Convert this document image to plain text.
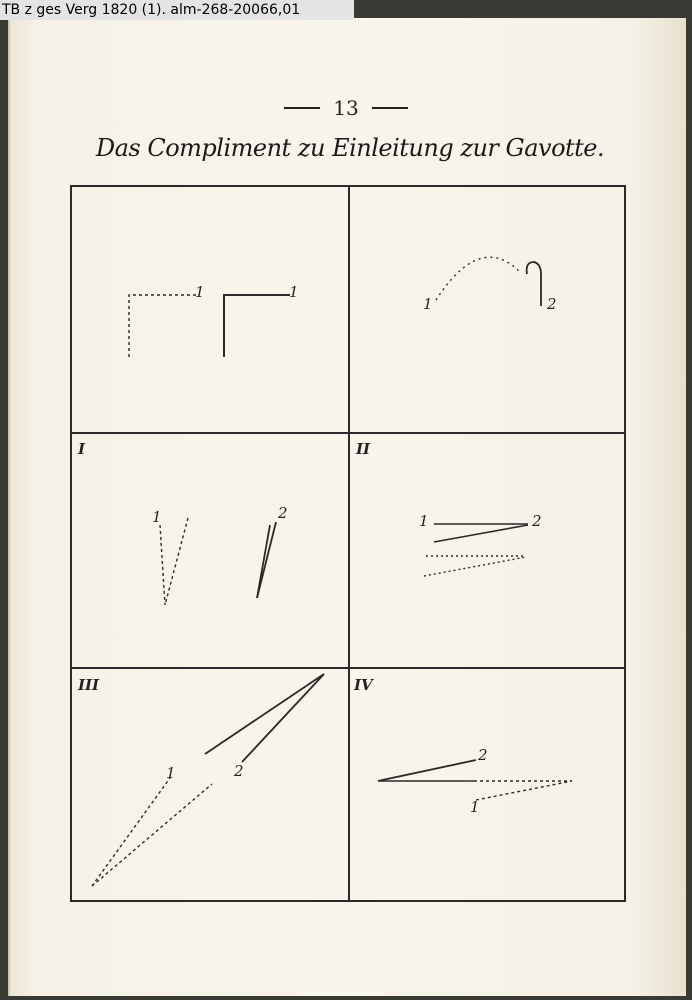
TB z ges Verg 1820 (1). alm-268-20066,01
13
Das Compliment zu Einleitung zur Gavotte.
I	II
III	IV
1	1
1	2
1	2	1	2
1	2
2
1
